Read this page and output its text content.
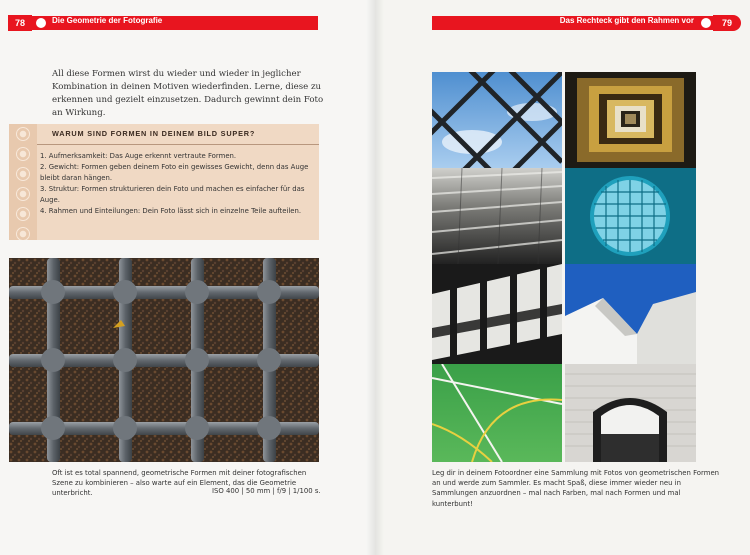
78	Die Geometrie der Fotografie	Das Rechteck gibt den Rahmen vor	79
All diese Formen wirst du wieder und wieder in jeglicher Kombination in deinen Motiven wiederfinden. Lerne, diese zu erkennen und gezielt einzusetzen. Dadurch gewinnt dein Foto an Wirkung.
WARUM SIND FORMEN IN DEINEM BILD SUPER?
1. Aufmerksamkeit: Das Auge erkennt vertraute Formen.
2. Gewicht: Formen geben deinem Foto ein gewisses Gewicht, denn das Auge bleibt daran hängen.
3. Struktur: Formen strukturieren dein Foto und machen es einfacher für das Auge.
4. Rahmen und Einteilungen: Dein Foto lässt sich in einzelne Teile aufteilen.
Oft ist es total spannend, geometrische Formen mit deiner fotografischen Szene zu kombinieren – also warte auf ein Element, das die Geometrie unterbricht.	ISO 400 | 50 mm | f/9 | 1/100 s.
Leg dir in deinem Fotoordner eine Sammlung mit Fotos von geometrischen Formen an und werde zum Sammler. Es macht Spaß, diese immer wieder neu in Sammlungen anzuordnen – mal nach Farben, mal nach Formen und mal kunterbunt!
